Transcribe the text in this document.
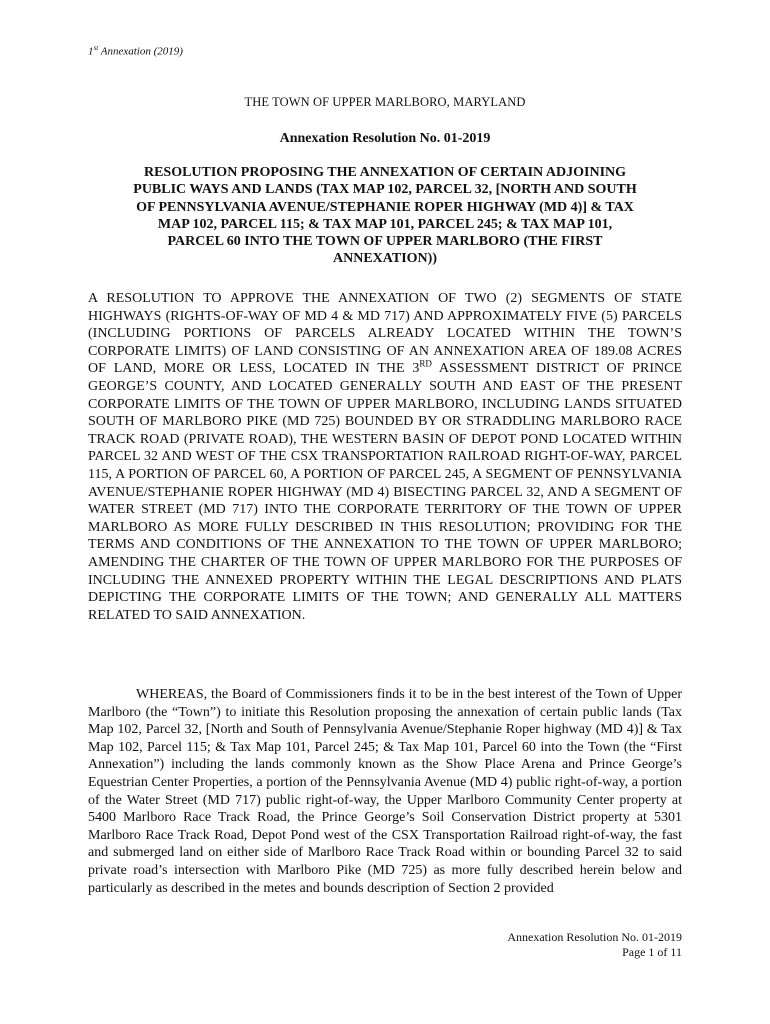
1st Annexation (2019)
THE TOWN OF UPPER MARLBORO, MARYLAND
Annexation Resolution No. 01-2019
RESOLUTION PROPOSING THE ANNEXATION OF CERTAIN ADJOINING PUBLIC WAYS AND LANDS (TAX MAP 102, PARCEL 32, [NORTH AND SOUTH OF PENNSYLVANIA AVENUE/STEPHANIE ROPER HIGHWAY (MD 4)] & TAX MAP 102, PARCEL 115; & TAX MAP 101, PARCEL 245; & TAX MAP 101, PARCEL 60 INTO THE TOWN OF UPPER MARLBORO (THE FIRST ANNEXATION))
A RESOLUTION TO APPROVE THE ANNEXATION OF TWO (2) SEGMENTS OF STATE HIGHWAYS (RIGHTS-OF-WAY OF MD 4 & MD 717) AND APPROXIMATELY FIVE (5) PARCELS (INCLUDING PORTIONS OF PARCELS ALREADY LOCATED WITHIN THE TOWN’S CORPORATE LIMITS) OF LAND CONSISTING OF AN ANNEXATION AREA OF 189.08 ACRES OF LAND, MORE OR LESS, LOCATED IN THE 3RD ASSESSMENT DISTRICT OF PRINCE GEORGE’S COUNTY, AND LOCATED GENERALLY SOUTH AND EAST OF THE PRESENT CORPORATE LIMITS OF THE TOWN OF UPPER MARLBORO, INCLUDING LANDS SITUATED SOUTH OF MARLBORO PIKE (MD 725) BOUNDED BY OR STRADDLING MARLBORO RACE TRACK ROAD (PRIVATE ROAD), THE WESTERN BASIN OF DEPOT POND LOCATED WITHIN PARCEL 32 AND WEST OF THE CSX TRANSPORTATION RAILROAD RIGHT-OF-WAY, PARCEL 115, A PORTION OF PARCEL 60, A PORTION OF PARCEL 245, A SEGMENT OF PENNSYLVANIA AVENUE/STEPHANIE ROPER HIGHWAY (MD 4) BISECTING PARCEL 32, AND A SEGMENT OF WATER STREET (MD 717) INTO THE CORPORATE TERRITORY OF THE TOWN OF UPPER MARLBORO AS MORE FULLY DESCRIBED IN THIS RESOLUTION; PROVIDING FOR THE TERMS AND CONDITIONS OF THE ANNEXATION TO THE TOWN OF UPPER MARLBORO; AMENDING THE CHARTER OF THE TOWN OF UPPER MARLBORO FOR THE PURPOSES OF INCLUDING THE ANNEXED PROPERTY WITHIN THE LEGAL DESCRIPTIONS AND PLATS DEPICTING THE CORPORATE LIMITS OF THE TOWN; AND GENERALLY ALL MATTERS RELATED TO SAID ANNEXATION.
WHEREAS, the Board of Commissioners finds it to be in the best interest of the Town of Upper Marlboro (the “Town”) to initiate this Resolution proposing the annexation of certain public lands (Tax Map 102, Parcel 32, [North and South of Pennsylvania Avenue/Stephanie Roper highway (MD 4)] & Tax Map 102, Parcel 115; & Tax Map 101, Parcel 245; & Tax Map 101, Parcel 60 into the Town (the “First Annexation”) including the lands commonly known as the Show Place Arena and Prince George’s Equestrian Center Properties, a portion of the Pennsylvania Avenue (MD 4) public right-of-way, a portion of the Water Street (MD 717) public right-of-way, the Upper Marlboro Community Center property at 5400 Marlboro Race Track Road, the Prince George’s Soil Conservation District property at 5301 Marlboro Race Track Road, Depot Pond west of the CSX Transportation Railroad right-of-way, the fast and submerged land on either side of Marlboro Race Track Road within or bounding Parcel 32 to said private road’s intersection with Marlboro Pike (MD 725) as more fully described herein below and particularly as described in the metes and bounds description of Section 2 provided
Annexation Resolution No. 01-2019
Page 1 of 11
